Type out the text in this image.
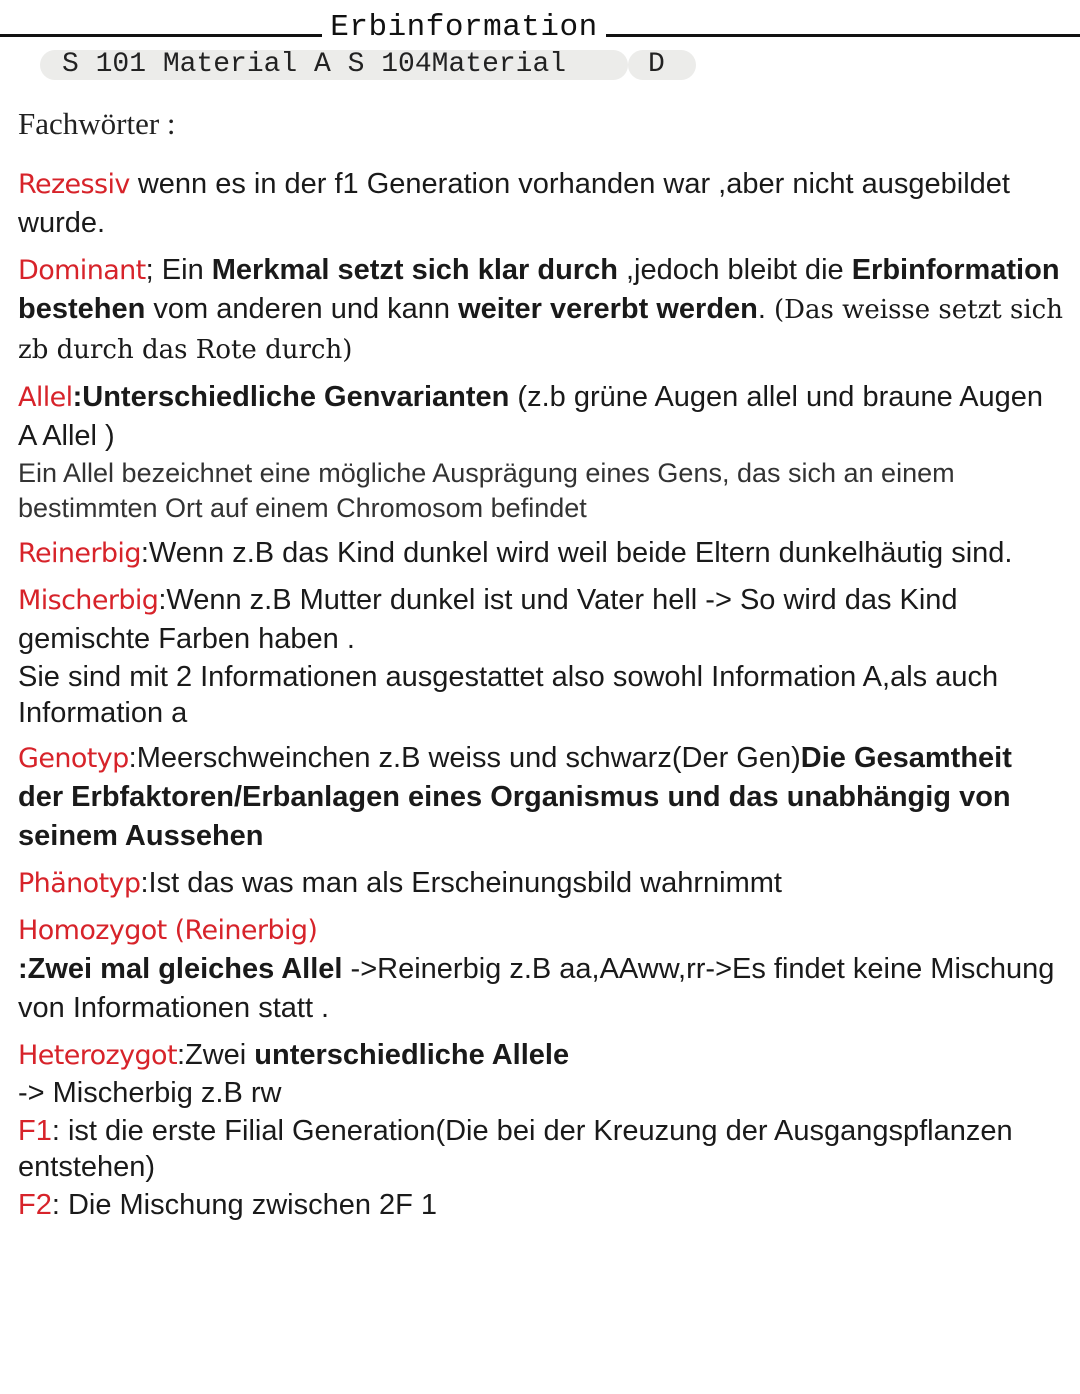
Erbinformation
S 101 Material A S 104Material	D
Fachwörter :

Rezessiv wenn es in der f1 Generation vorhanden war ,aber nicht ausgebildet wurde.

Dominant; Ein Merkmal setzt sich klar durch ,jedoch bleibt die Erbinformation bestehen vom anderen und kann weiter vererbt werden. (Das weisse setzt sich zb durch das Rote durch)

Allel:Unterschiedliche Genvarianten (z.b grüne Augen allel und braune Augen A Allel )

Ein Allel bezeichnet eine mögliche Ausprägung eines Gens, das sich an einem bestimmten Ort auf einem Chromosom befindet

Reinerbig:Wenn z.B das Kind dunkel wird weil beide Eltern dunkelhäutig sind.

Mischerbig:Wenn z.B Mutter dunkel ist und Vater hell -> So wird das Kind gemischte Farben haben .

Sie sind mit 2 Informationen ausgestattet also sowohl Information A,als auch Information a

Genotyp:Meerschweinchen z.B weiss und schwarz(Der Gen)Die Gesamtheit der Erbfaktoren/Erbanlagen eines Organismus und das unabhängig von seinem Aussehen

Phänotyp:Ist das was man als Erscheinungsbild wahrnimmt

Homozygot (Reinerbig)

:Zwei mal gleiches Allel ->Reinerbig z.B aa,AAww,rr->Es findet keine Mischung von Informationen statt .

Heterozygot:Zwei unterschiedliche Allele

-> Mischerbig z.B rw

F1: ist die erste Filial Generation(Die bei der Kreuzung der Ausgangspflanzen entstehen)

F2: Die Mischung zwischen 2F 1
